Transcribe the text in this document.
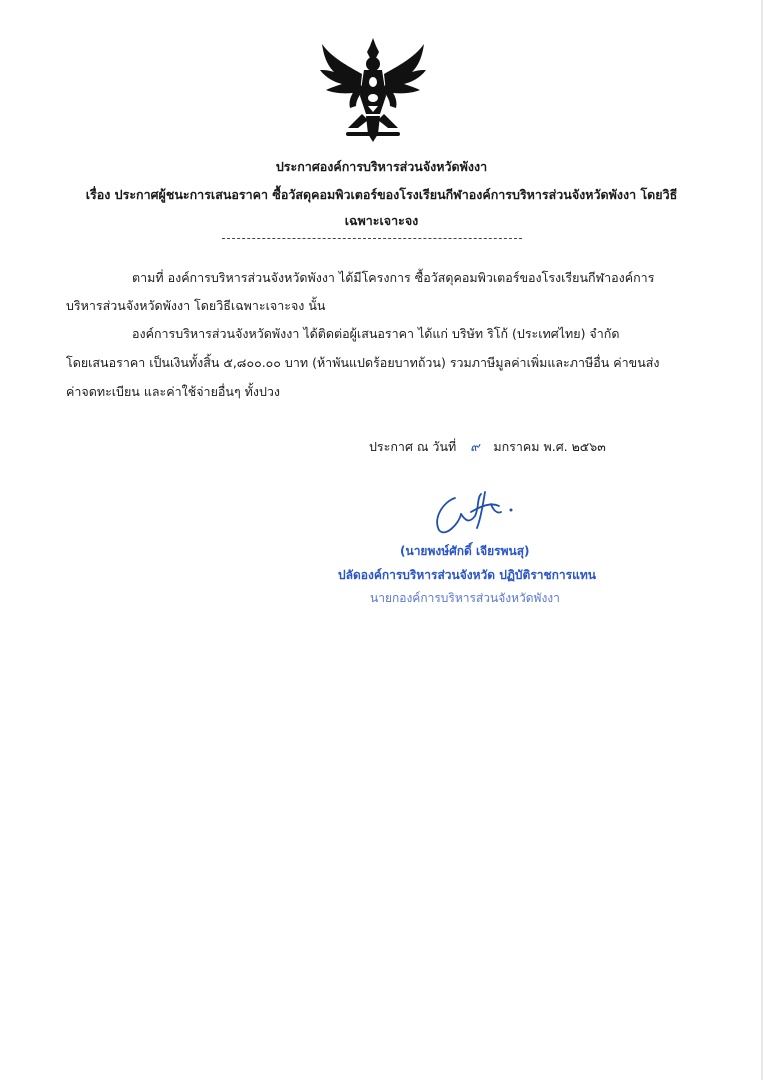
ประกาศองค์การบริหารส่วนจังหวัดพังงา
เรื่อง ประกาศผู้ชนะการเสนอราคา ซื้อวัสดุคอมพิวเตอร์ของโรงเรียนกีฬาองค์การบริหารส่วนจังหวัดพังงา โดยวิธี
เฉพาะเจาะจง
ตามที่ องค์การบริหารส่วนจังหวัดพังงา ได้มีโครงการ ซื้อวัสดุคอมพิวเตอร์ของโรงเรียนกีฬาองค์การ
บริหารส่วนจังหวัดพังงา โดยวิธีเฉพาะเจาะจง นั้น
องค์การบริหารส่วนจังหวัดพังงา ได้ติดต่อผู้เสนอราคา ได้แก่ บริษัท ริโก้ (ประเทศไทย) จำกัด
โดยเสนอราคา เป็นเงินทั้งสิ้น ๕,๘๐๐.๐๐ บาท (ห้าพันแปดร้อยบาทถ้วน) รวมภาษีมูลค่าเพิ่มและภาษีอื่น ค่าขนส่ง
ค่าจดทะเบียน และค่าใช้จ่ายอื่นๆ ทั้งปวง
ประกาศ ณ วันที่ ๙ มกราคม พ.ศ. ๒๕๖๓
(นายพงษ์ศักดิ์ เจียรพนสุ)
ปลัดองค์การบริหารส่วนจังหวัด ปฏิบัติราชการแทน
นายกองค์การบริหารส่วนจังหวัดพังงา
